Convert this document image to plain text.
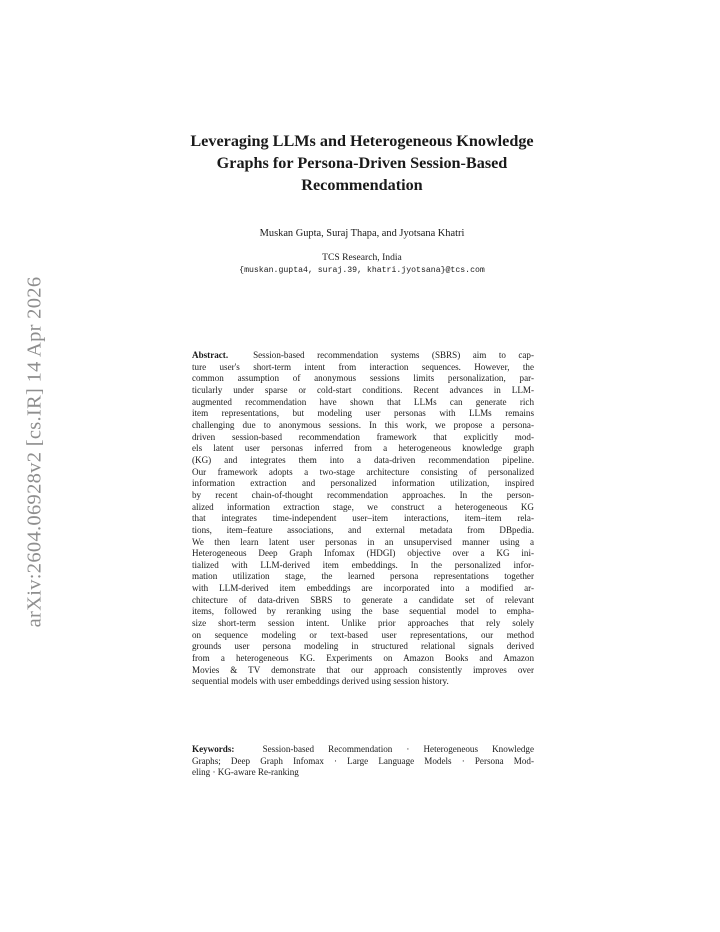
arXiv:2604.06928v2 [cs.IR] 14 Apr 2026
Leveraging LLMs and Heterogeneous Knowledge
Graphs for Persona-Driven Session-Based
Recommendation
Muskan Gupta, Suraj Thapa, and Jyotsana Khatri
TCS Research, India
{muskan.gupta4, suraj.39, khatri.jyotsana}@tcs.com
Abstract.	Session-based recommendation systems (SBRS) aim to cap-
ture user's short-term intent from interaction sequences. However, the
common assumption of anonymous sessions limits personalization, par-
ticularly under sparse or cold-start conditions. Recent advances in LLM-
augmented recommendation have shown that LLMs can generate rich
item representations, but modeling user personas with LLMs remains
challenging due to anonymous sessions. In this work, we propose a persona-
driven session-based recommendation framework that explicitly mod-
els latent user personas inferred from a heterogeneous knowledge graph
(KG) and integrates them into a data-driven recommendation pipeline.
Our framework adopts a two-stage architecture consisting of personalized
information extraction and personalized information utilization, inspired
by recent chain-of-thought recommendation approaches. In the person-
alized information extraction stage, we construct a heterogeneous KG
that integrates time-independent user–item interactions, item–item rela-
tions, item–feature associations, and external metadata from DBpedia.
We then learn latent user personas in an unsupervised manner using a
Heterogeneous Deep Graph Infomax (HDGI) objective over a KG ini-
tialized with LLM-derived item embeddings. In the personalized infor-
mation utilization stage, the learned persona representations together
with LLM-derived item embeddings are incorporated into a modified ar-
chitecture of data-driven SBRS to generate a candidate set of relevant
items, followed by reranking using the base sequential model to empha-
size short-term session intent. Unlike prior approaches that rely solely
on sequence modeling or text-based user representations, our method
grounds user persona modeling in structured relational signals derived
from a heterogeneous KG. Experiments on Amazon Books and Amazon
Movies & TV demonstrate that our approach consistently improves over
sequential models with user embeddings derived using session history.
Keywords:	Session-based Recommendation · Heterogeneous Knowledge
Graphs; Deep Graph Infomax · Large Language Models · Persona Mod-
eling · KG-aware Re-ranking
